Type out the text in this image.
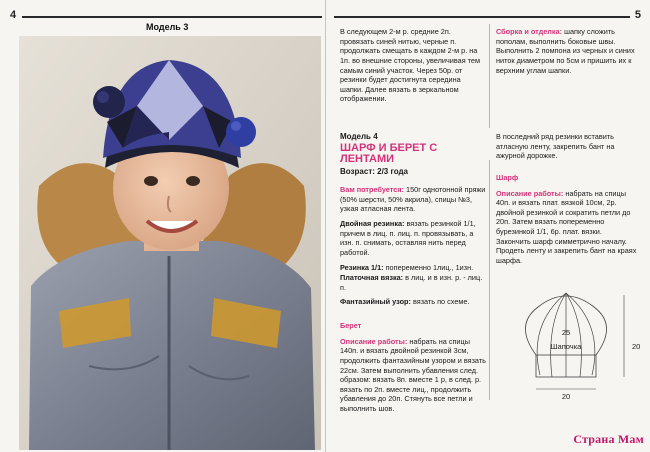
4
Модель 3
5

В следующем 2-м р. средние 2п. провязать синей нитью, черные п. продолжать смещать в каждом 2-м р. на 1п. во внешние стороны, увеличивая тем самым синий участок. Через 50р. от резинки будет достигнута середина шапки. Далее вязать в зеркальном отображении.

Сборка и отделка: шапку сложить пополам, выполнить боковые швы. Выполнить 2 помпона из черных и синих ниток диаметром по 5см и пришить их к верхним углам шапки.

Модель 4

ШАРФ И БЕРЕТ С ЛЕНТАМИ

Возраст: 2/3 года

Вам потребуется: 150г однотонной пряжи (50% шерсти, 50% акрила), спицы №3, узкая атласная лента.

Двойная резинка: вязать резинкой 1/1, причем в лиц. п. лиц. п. провязывать, а изн. п. снимать, оставляя нить перед работой.

Резинка 1/1: попеременно 1лиц., 1изн.

Платочная вязка: в лиц. и в изн. р. - лиц. п.

Фантазийный узор: вязать по схеме.

Берет

Описание работы: набрать на спицы 140п. и вязать двойной резинкой 3см, продолжить фантазийным узором и вязать 22см. Затем выполнить убавления след. образом: вязать 8п. вместе 1 р, в след. р. вязать по 2п. вместе лиц., продолжить убавления до 20п. Стянуть все петли и выполнить шов.

В последний ряд резинки вставить атласную ленту, закрепить бант на ажурной дорожке.

Шарф

Описание работы: набрать на спицы 40п. и вязать плат. вязкой 10см, 2р. двойной резинкой и сократить петли до 20п. Затем вязать попеременно бурезинкой 1/1, 6р. плат. вязки. Закончить шарф симметрично началу. Продеть ленту и закрепить бант на краях шарфа.

25
Шапочка	20
20
Страна Мам
